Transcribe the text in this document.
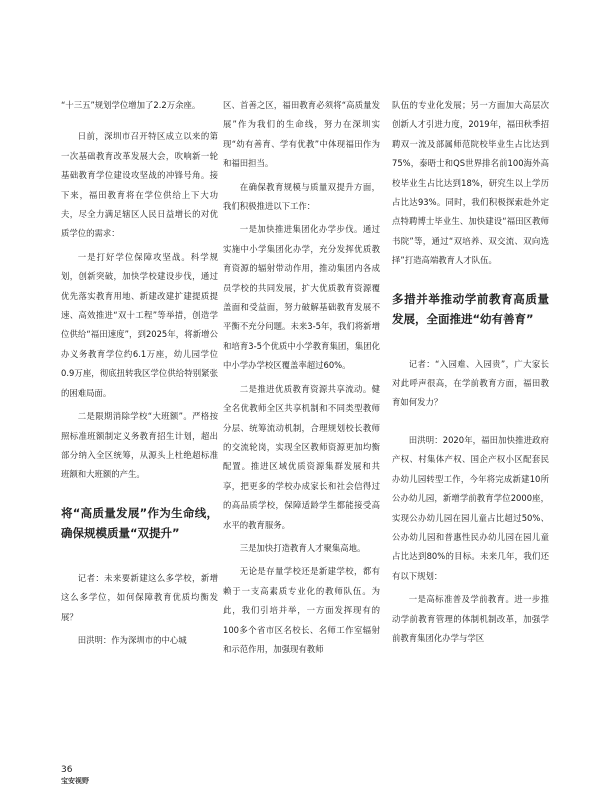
“十三五”规划学位增加了2.2万余座。

日前，深圳市召开特区成立以来的第一次基础教育改革发展大会，吹响新一轮基础教育学位建设攻坚战的冲锋号角。接下来，福田教育将在学位供给上下大功夫，尽全力满足辖区人民日益增长的对优质学位的需求：

一是打好学位保障攻坚战。科学规划，创新突破，加快学校建设步伐，通过优先落实教育用地、新建改建扩建提质提速、高效推进“双十工程”等举措，创造学位供给“福田速度”，到2025年，将新增公办义务教育学位约6.1万座，幼儿园学位0.9万座，彻底扭转我区学位供给特别紧张的困难局面。

二是限期消除学校“大班额”。严格按照标准班额制定义务教育招生计划，超出部分纳入全区统筹，从源头上杜绝超标准班额和大班额的产生。

将“高质量发展”作为生命线，确保规模质量“双提升”

记者：未来要新建这么多学校，新增这么多学位，如何保障教育优质均衡发展？

田洪明：作为深圳市的中心城

区、首善之区，福田教育必须将“高质量发展”作为我们的生命线，努力在深圳实现“幼有善育、学有优教”中体现福田作为和福田担当。

在确保教育规模与质量双提升方面，我们积极推进以下工作：

一是加快推进集团化办学步伐。通过实施中小学集团化办学，充分发挥优质教育资源的辐射带动作用，推动集团内各成员学校的共同发展，扩大优质教育资源覆盖面和受益面，努力破解基础教育发展不平衡不充分问题。未来3-5年，我们将新增和培育3-5个优质中小学教育集团，集团化中小学办学校区覆盖率超过60%。

二是推进优质教育资源共享流动。健全名优教师全区共享机制和不同类型教师分层、统筹流动机制，合理规划校长教师的交流轮岗，实现全区教师资源更加均衡配置。推进区域优质资源集群发展和共享，把更多的学校办成家长和社会信得过的高品质学校，保障适龄学生都能接受高水平的教育服务。

三是加快打造教育人才聚集高地。

无论是存量学校还是新建学校，都有赖于一支高素质专业化的教师队伍。为此，我们引培并举，一方面发挥现有的100多个省市区名校长、名师工作室辐射和示范作用，加强现有教师

队伍的专业化发展；另一方面加大高层次创新人才引进力度，2019年，福田秋季招聘双一流及部属师范院校毕业生占比达到75%，泰晤士和QS世界排名前100海外高校毕业生占比达到18%，研究生以上学历占比达93%。同时，我们积极探索赴外定点特聘博士毕业生、加快建设“福田区教师书院”等，通过“双培养、双交流、双向选择”打造高端教育人才队伍。

多措并举推动学前教育高质量发展，全面推进“幼有善育”

记者：“入园难、入园贵”，广大家长对此呼声很高，在学前教育方面，福田教育如何发力？

田洪明：2020年，福田加快推进政府产权、村集体产权、国企产权小区配套民办幼儿园转型工作，今年将完成新建10所公办幼儿园，新增学前教育学位2000座，实现公办幼儿园在园儿童占比超过50%、公办幼儿园和普惠性民办幼儿园在园儿童占比达到80%的目标。未来几年，我们还有以下规划：

一是高标准普及学前教育。进一步推动学前教育管理的体制机制改革，加强学前教育集团化办学与学区

36
宝安视野
